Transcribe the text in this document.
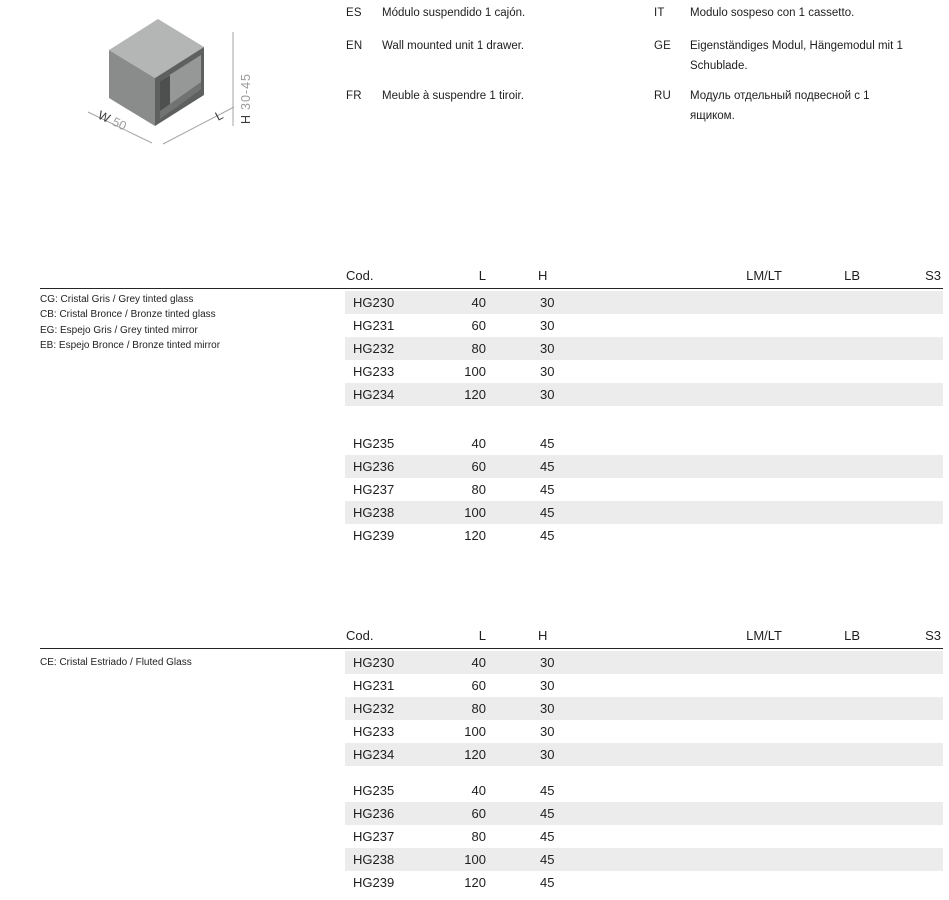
W50	L H30-45
ES	Módulo suspendido 1 cajón.
EN	Wall mounted unit 1 drawer.
FR	Meuble à suspendre 1 tiroir.
IT	Modulo sospeso con 1 cassetto.
GE	Eigenständiges Modul, Hängemodul mit 1 Schublade.
RU	Модуль отдельный подвесной с 1 ящиком.
Cod.	L	H	LM/LT	LB	S3
HG230	40	30
HG231	60	30
HG232	80	30
HG233	100	30
HG234	120	30
HG235	40	45
HG236	60	45
HG237	80	45
HG238	100	45
HG239	120	45
CG: Cristal Gris / Grey tinted glass
CB: Cristal Bronce / Bronze tinted glass
EG: Espejo Gris / Grey tinted mirror
EB: Espejo Bronce / Bronze tinted mirror
Cod.	L	H	LM/LT	LB	S3
HG230	40	30
HG231	60	30
HG232	80	30
HG233	100	30
HG234	120	30
HG235	40	45
HG236	60	45
HG237	80	45
HG238	100	45
HG239	120	45
CE: Cristal Estriado / Fluted Glass
